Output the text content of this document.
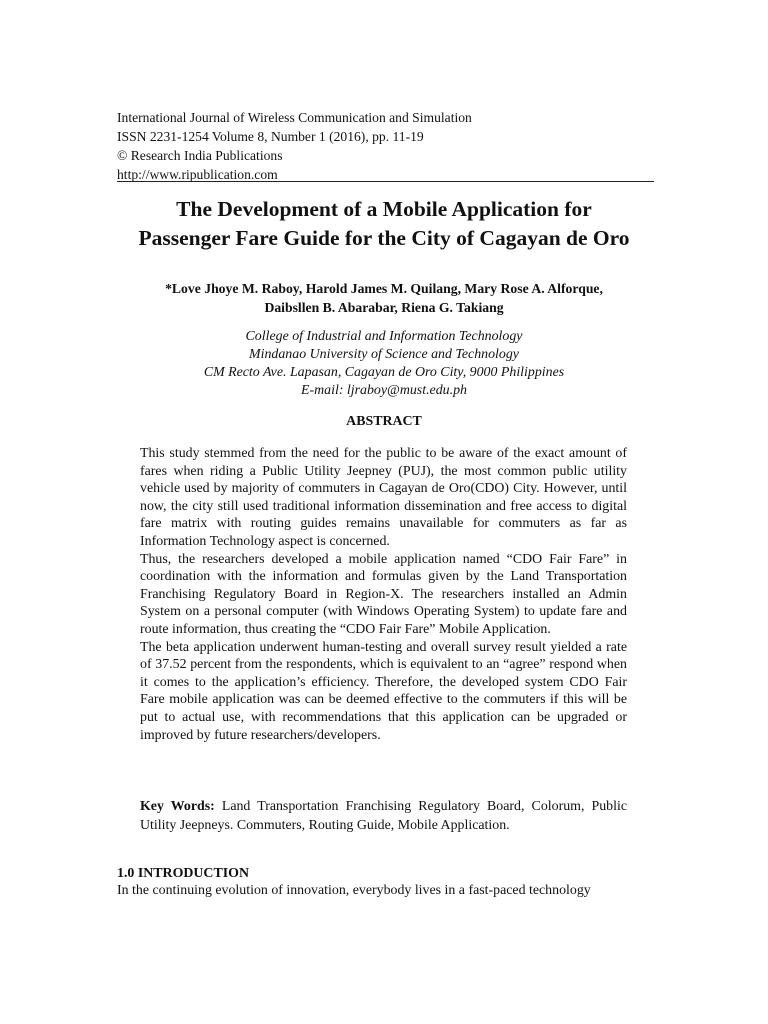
International Journal of Wireless Communication and Simulation
ISSN 2231-1254 Volume 8, Number 1 (2016), pp. 11-19
© Research India Publications
http://www.ripublication.com
The Development of a Mobile Application for
Passenger Fare Guide for the City of Cagayan de Oro
*Love Jhoye M. Raboy, Harold James M. Quilang, Mary Rose A. Alforque,
Daibsllen B. Abarabar, Riena G. Takiang
College of Industrial and Information Technology
Mindanao University of Science and Technology
CM Recto Ave. Lapasan, Cagayan de Oro City, 9000 Philippines
E-mail: ljraboy@must.edu.ph
ABSTRACT

This study stemmed from the need for the public to be aware of the exact amount of fares when riding a Public Utility Jeepney (PUJ), the most common public utility vehicle used by majority of commuters in Cagayan de Oro(CDO) City. However, until now, the city still used traditional information dissemination and free access to digital fare matrix with routing guides remains unavailable for commuters as far as Information Technology aspect is concerned.

Thus, the researchers developed a mobile application named “CDO Fair Fare” in coordination with the information and formulas given by the Land Transportation Franchising Regulatory Board in Region-X. The researchers installed an Admin System on a personal computer (with Windows Operating System) to update fare and route information, thus creating the “CDO Fair Fare” Mobile Application.

The beta application underwent human-testing and overall survey result yielded a rate of 37.52 percent from the respondents, which is equivalent to an “agree” respond when it comes to the application’s efficiency. Therefore, the developed system CDO Fair Fare mobile application was can be deemed effective to the commuters if this will be put to actual use, with recommendations that this application can be upgraded or improved by future researchers/developers.

Key Words: Land Transportation Franchising Regulatory Board, Colorum, Public Utility Jeepneys. Commuters, Routing Guide, Mobile Application.
1.0 INTRODUCTION
In the continuing evolution of innovation, everybody lives in a fast-paced technology
